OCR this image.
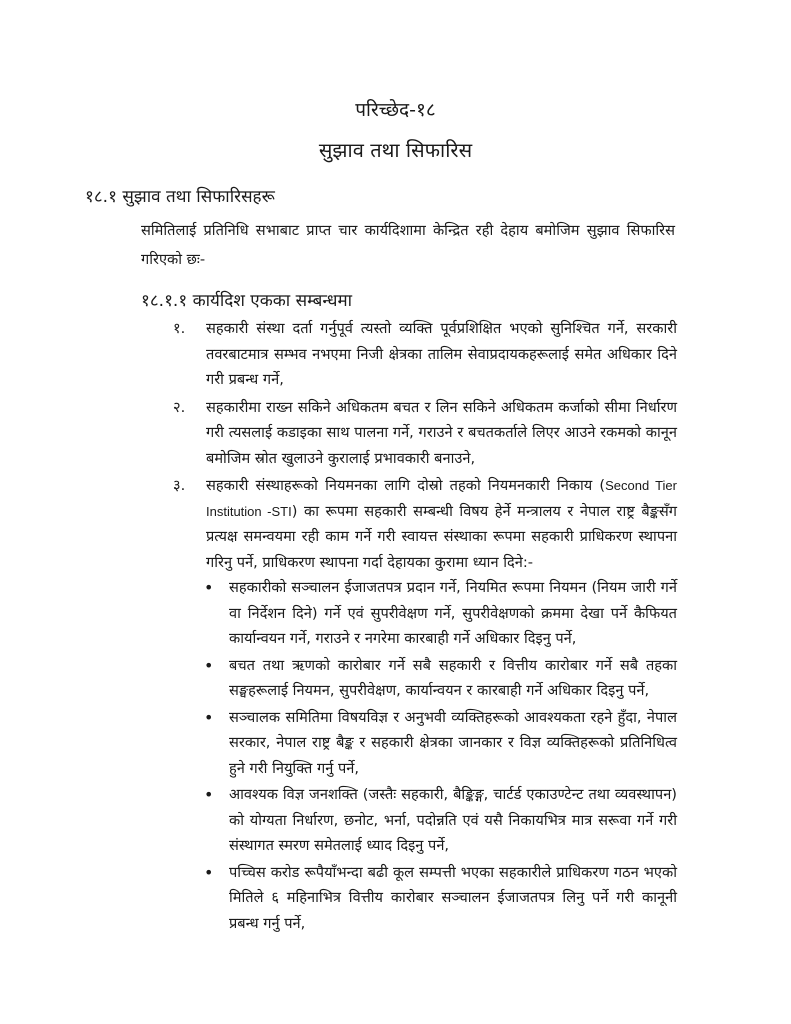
परिच्छेद-१८
सुझाव तथा सिफारिस
१८.१ सुझाव तथा सिफारिसहरू
समितिलाई प्रतिनिधि सभाबाट प्राप्त चार कार्यदिशामा केन्द्रित रही देहाय बमोजिम सुझाव सिफारिस गरिएको छः-
१८.१.१ कार्यदिश एकका सम्बन्धमा
१. सहकारी संस्था दर्ता गर्नुपूर्व त्यस्तो व्यक्ति पूर्वप्रशिक्षित भएको सुनिश्चित गर्ने, सरकारी तवरबाटमात्र सम्भव नभएमा निजी क्षेत्रका तालिम सेवाप्रदायकहरूलाई समेत अधिकार दिने गरी प्रबन्ध गर्ने,
२. सहकारीमा राख्न सकिने अधिकतम बचत र लिन सकिने अधिकतम कर्जाको सीमा निर्धारण गरी त्यसलाई कडाइका साथ पालना गर्ने, गराउने र बचतकर्ताले लिएर आउने रकमको कानून बमोजिम स्रोत खुलाउने कुरालाई प्रभावकारी बनाउने,
३. सहकारी संस्थाहरूको नियमनका लागि दोस्रो तहको नियमनकारी निकाय (Second Tier Institution -STI) का रूपमा सहकारी सम्बन्धी विषय हेर्ने मन्त्रालय र नेपाल राष्ट्र बैङ्कसँग प्रत्यक्ष समन्वयमा रही काम गर्ने गरी स्वायत्त संस्थाका रूपमा सहकारी प्राधिकरण स्थापना गरिनु पर्ने, प्राधिकरण स्थापना गर्दा देहायका कुरामा ध्यान दिने:-
• सहकारीको सञ्चालन ईजाजतपत्र प्रदान गर्ने, नियमित रूपमा नियमन (नियम जारी गर्ने वा निर्देशन दिने) गर्ने एवं सुपरीवेक्षण गर्ने, सुपरीवेक्षणको क्रममा देखा पर्ने कैफियत कार्यान्वयन गर्ने, गराउने र नगरेमा कारबाही गर्ने अधिकार दिइनु पर्ने,
• बचत तथा ऋणको कारोबार गर्ने सबै सहकारी र वित्तीय कारोबार गर्ने सबै तहका सङ्घहरूलाई नियमन, सुपरीवेक्षण, कार्यान्वयन र कारबाही गर्ने अधिकार दिइनु पर्ने,
• सञ्चालक समितिमा विषयविज्ञ र अनुभवी व्यक्तिहरूको आवश्यकता रहने हुँदा, नेपाल सरकार, नेपाल राष्ट्र बैङ्क र सहकारी क्षेत्रका जानकार र विज्ञ व्यक्तिहरूको प्रतिनिधित्व हुने गरी नियुक्ति गर्नु पर्ने,
• आवश्यक विज्ञ जनशक्ति (जस्तैः सहकारी, बैङ्किङ्ग, चार्टर्ड एकाउण्टेन्ट तथा व्यवस्थापन) को योग्यता निर्धारण, छनोट, भर्ना, पदोन्नति एवं यसै निकायभित्र मात्र सरूवा गर्ने गरी संस्थागत स्मरण समेतलाई ध्याद दिइनु पर्ने,
• पच्चिस करोड रूपैयाँभन्दा बढी कूल सम्पत्ती भएका सहकारीले प्राधिकरण गठन भएको मितिले ६ महिनाभित्र वित्तीय कारोबार सञ्चालन ईजाजतपत्र लिनु पर्ने गरी कानूनी प्रबन्ध गर्नु पर्ने,
